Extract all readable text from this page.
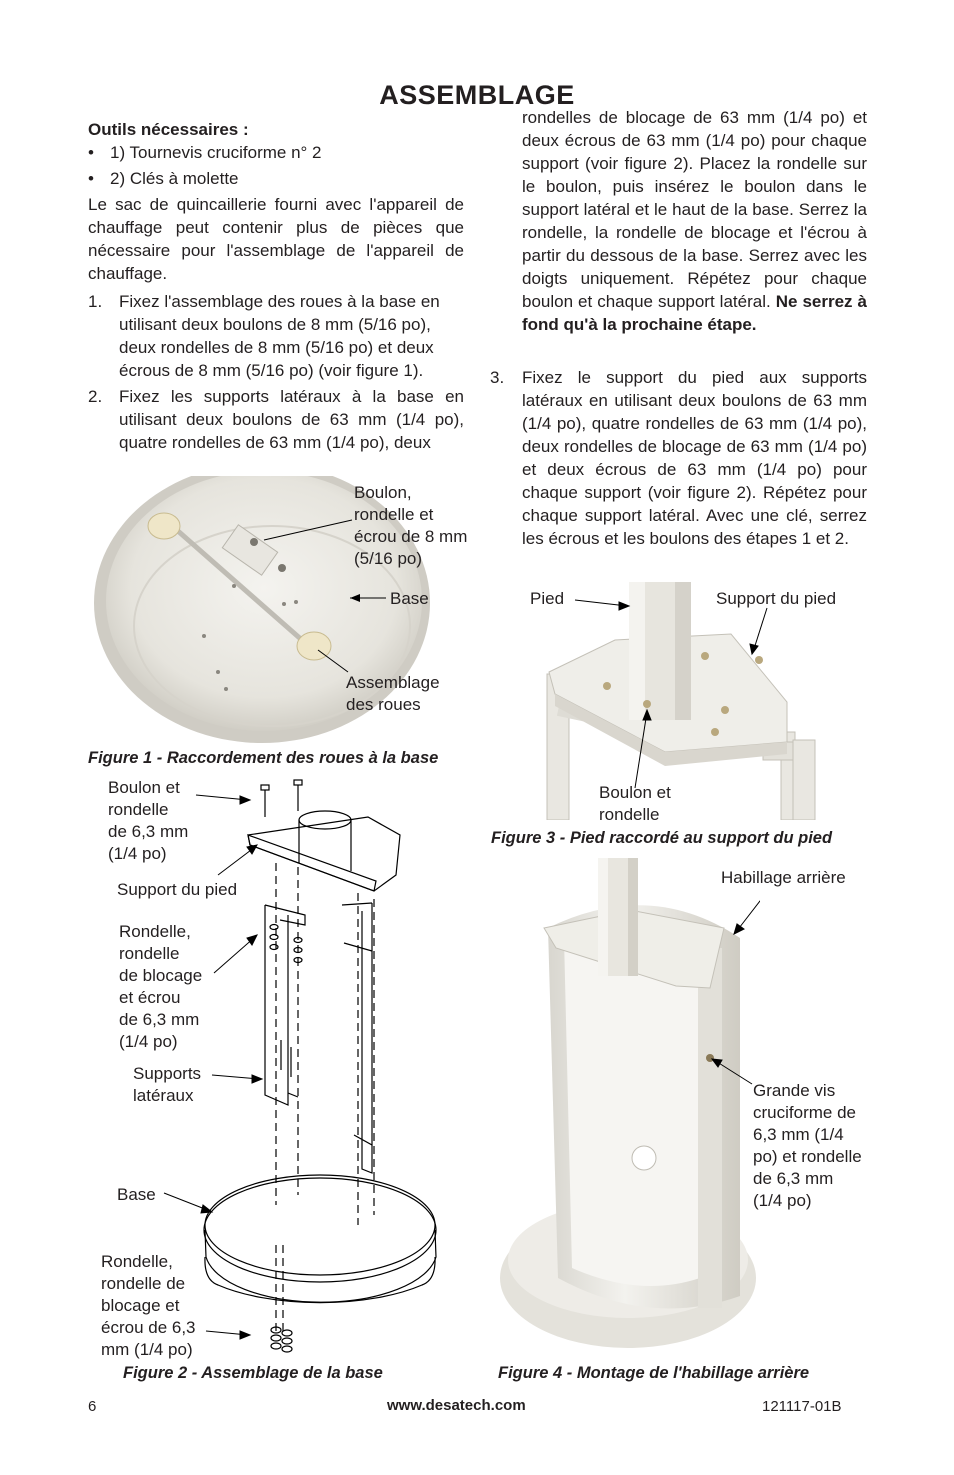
ASSEMBLAGE
Outils nécessaires :
• 1) Tournevis cruciforme n° 2
• 2) Clés à molette
Le sac de quincaillerie fourni avec l'appareil de chauffage peut contenir plus de pièces que nécessaire pour l'assemblage de l'appareil de chauffage.
1. Fixez l'assemblage des roues à la base en utilisant deux boulons de 8 mm (5/16 po), deux rondelles de 8 mm (5/16 po) et deux écrous de 8 mm (5/16 po) (voir figure 1).
2. Fixez les supports latéraux à la base en utilisant deux boulons de 63 mm (1/4 po), quatre rondelles de 63 mm (1/4 po), deux
rondelles de blocage de 63 mm (1/4 po) et deux écrous de 63 mm (1/4 po) pour chaque support (voir figure 2). Placez la rondelle sur le boulon, puis insérez le boulon dans le support latéral et le haut de la base. Serrez la rondelle, la rondelle de blocage et l'écrou à partir du dessous de la base. Serrez avec les doigts uniquement. Répétez pour chaque boulon et chaque support latéral. Ne serrez à fond qu'à la prochaine étape.
3. Fixez le support du pied aux supports latéraux en utilisant deux boulons de 63 mm (1/4 po), quatre rondelles de 63 mm (1/4 po), deux rondelles de blocage de 63 mm (1/4 po) et deux écrous de 63 mm (1/4 po) pour chaque support (voir figure 2). Répétez pour chaque support latéral. Avec une clé, serrez les écrous et les boulons des étapes 1 et 2.
Boulon,
rondelle et
écrou de 8 mm
(5/16 po)
Base
Assemblage
des roues
Figure 1 - Raccordement des roues à la base
Boulon et
rondelle
de 6,3 mm
(1/4 po)
Support du pied
Rondelle,
rondelle
de blocage
et écrou
de 6,3 mm
(1/4 po)
Supports
latéraux
Base
Rondelle,
rondelle de
blocage et
écrou de 6,3
mm (1/4 po)
Figure 2 - Assemblage de la base
Pied	Support du pied
Boulon et
rondelle
Figure 3 - Pied raccordé au support du pied
Habillage arrière
Grande vis
cruciforme de
6,3 mm (1/4
po) et rondelle
de 6,3 mm
(1/4 po)
Figure 4 - Montage de l'habillage arrière
6	www.desatech.com	121117-01B
